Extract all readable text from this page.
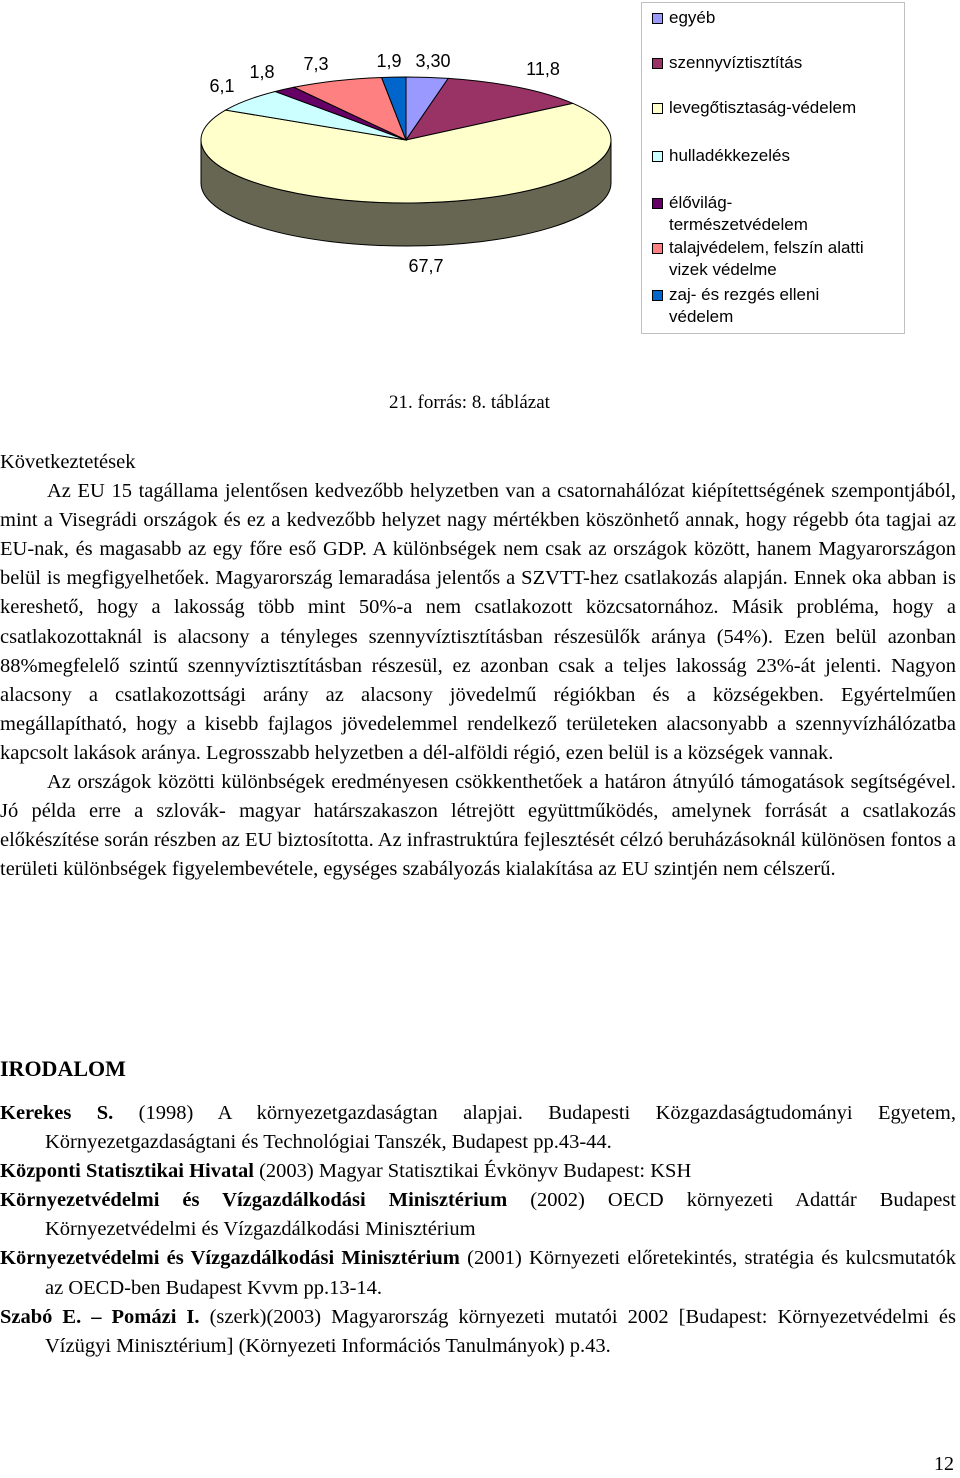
3,30	11,8
67,7
6,1
1,8 7,3	1,9
egyéb
szennyvíztisztítás
levegőtisztaság-védelem
hulladékkezelés
élővilág-
természetvédelem
talajvédelem, felszín alatti
vizek védelme
zaj- és rezgés elleni
védelem
21. forrás: 8. táblázat
Következtetések

Az EU 15 tagállama jelentősen kedvezőbb helyzetben van a csatornahálózat kiépítettségének szempontjából, mint a Visegrádi országok és ez a kedvezőbb helyzet nagy mértékben köszönhető annak, hogy régebb óta tagjai az EU-nak, és magasabb az egy főre eső GDP. A különbségek nem csak az országok között, hanem Magyarországon belül is megfigyelhetőek. Magyarország lemaradása jelentős a SZVTT-hez csatlakozás alapján. Ennek oka abban is kereshető, hogy a lakosság több mint 50%-a nem csatlakozott közcsatornához. Másik probléma, hogy a csatlakozottaknál is alacsony a tényleges szennyvíztisztításban részesülők aránya (54%). Ezen belül azonban 88%megfelelő szintű szennyvíztisztításban részesül, ez azonban csak a teljes lakosság 23%-át jelenti. Nagyon alacsony a csatlakozottsági arány az alacsony jövedelmű régiókban és a községekben. Egyértelműen megállapítható, hogy a kisebb fajlagos jövedelemmel rendelkező területeken alacsonyabb a szennyvízhálózatba kapcsolt lakások aránya. Legrosszabb helyzetben a dél-alföldi régió, ezen belül is a községek vannak.

Az országok közötti különbségek eredményesen csökkenthetőek a határon átnyúló támogatások segítségével. Jó példa erre a szlovák- magyar határszakaszon létrejött együttműködés, amelynek forrását a csatlakozás előkészítése során részben az EU biztosította. Az infrastruktúra fejlesztését célzó beruházásoknál különösen fontos a területi különbségek figyelembevétele, egységes szabályozás kialakítása az EU szintjén nem célszerű.

IRODALOM

Kerekes S. (1998) A környezetgazdaságtan alapjai. Budapesti Közgazdaságtudományi Egyetem, Környezetgazdaságtani és Technológiai Tanszék, Budapest pp.43-44.

Központi Statisztikai Hivatal (2003) Magyar Statisztikai Évkönyv Budapest: KSH

Környezetvédelmi és Vízgazdálkodási Minisztérium (2002) OECD környezeti Adattár Budapest Környezetvédelmi és Vízgazdálkodási Minisztérium

Környezetvédelmi és Vízgazdálkodási Minisztérium (2001) Környezeti előretekintés, stratégia és kulcsmutatók az OECD-ben Budapest Kvvm pp.13-14.

Szabó E. – Pomázi I. (szerk)(2003) Magyarország környezeti mutatói 2002 [Budapest: Környezetvédelmi és Vízügyi Minisztérium] (Környezeti Információs Tanulmányok) p.43.

12
